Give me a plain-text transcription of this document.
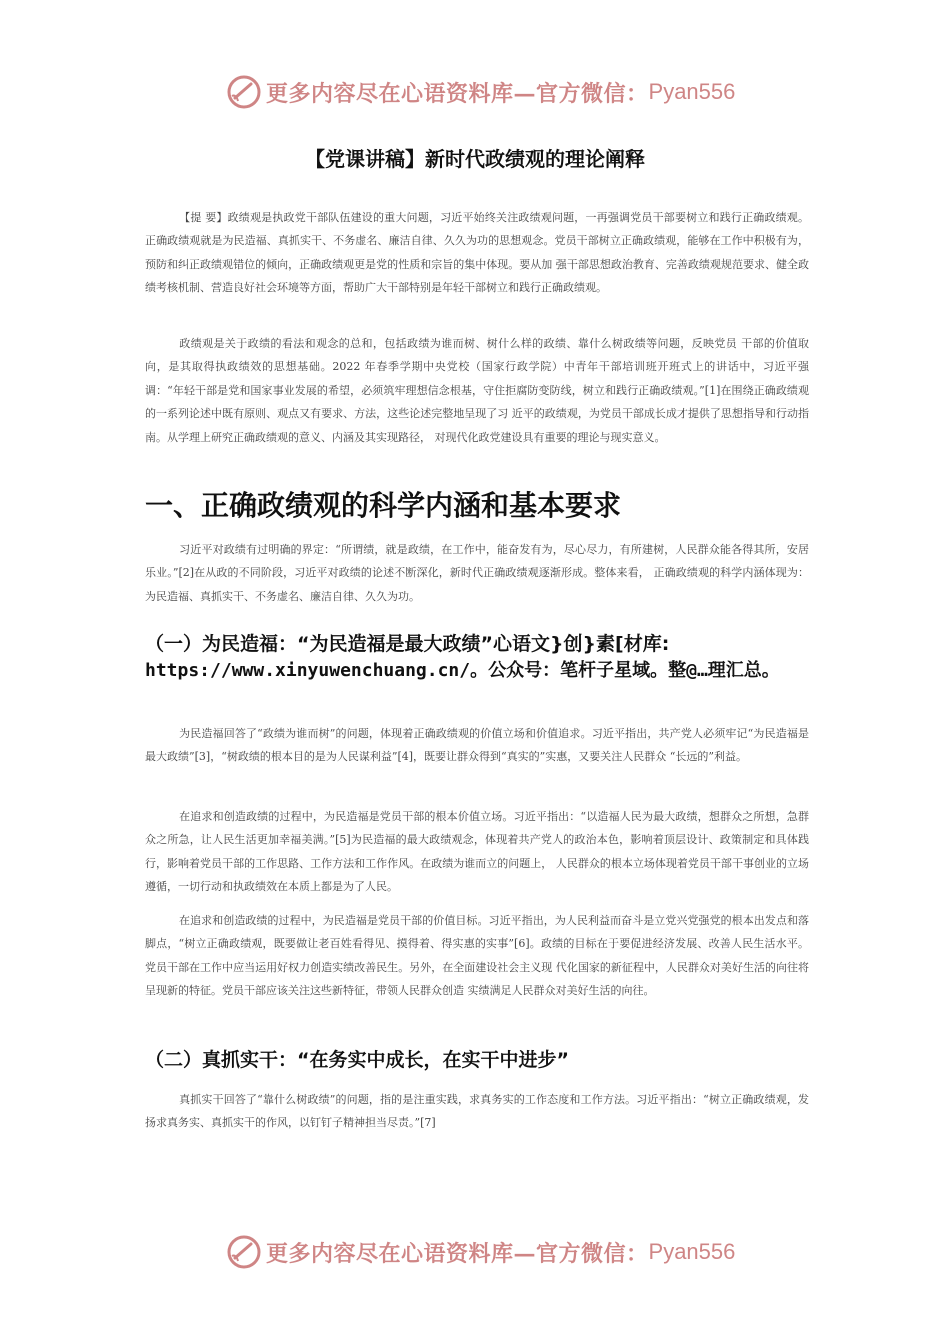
更多内容尽在心语资料库—官方微信： Pyan556
【党课讲稿】新时代政绩观的理论阐释

【提 要】政绩观是执政党干部队伍建设的重大问题，习近平始终关注政绩观问题，一再强调党员干部要树立和践行正确政绩观。正确政绩观就是为民造福、真抓实干、不务虚名、廉洁自律、久久为功的思想观念。党员干部树立正确政绩观，能够在工作中积极有为，预防和纠正政绩观错位的倾向，正确政绩观更是党的性质和宗旨的集中体现。要从加 强干部思想政治教育、完善政绩观规范要求、健全政绩考核机制、营造良好社会环境等方面，帮助广大干部特别是年轻干部树立和践行正确政绩观。

政绩观是关于政绩的看法和观念的总和，包括政绩为谁而树、树什么样的政绩、靠什么树政绩等问题，反映党员 干部的价值取向，是其取得执政绩效的思想基础。2022 年春季学期中央党校（国家行政学院）中青年干部培训班开班式上的讲话中，习近平强调：“年轻干部是党和国家事业发展的希望，必须筑牢理想信念根基，守住拒腐防变防线，树立和践行正确政绩观。”[1]在围绕正确政绩观的一系列论述中既有原则、观点又有要求、方法，这些论述完整地呈现了习 近平的政绩观，为党员干部成长成才提供了思想指导和行动指南。从学理上研究正确政绩观的意义、内涵及其实现路径， 对现代化政党建设具有重要的理论与现实意义。

一、正确政绩观的科学内涵和基本要求

习近平对政绩有过明确的界定：“所谓绩，就是政绩，在工作中，能奋发有为，尽心尽力，有所建树，人民群众能各得其所，安居乐业。”[2]在从政的不同阶段，习近平对政绩的论述不断深化，新时代正确政绩观逐渐形成。整体来看， 正确政绩观的科学内涵体现为：为民造福、真抓实干、不务虚名、廉洁自律、久久为功。

（一）为民造福：“为民造福是最大政绩”心语文}创}素[材库:
https://www.xinyuwenchuang.cn/。公众号：笔杆子星域。整@…理汇总。

为民造福回答了“政绩为谁而树”的问题，体现着正确政绩观的价值立场和价值追求。习近平指出，共产党人必须牢记“为民造福是最大政绩”[3]，“树政绩的根本目的是为人民谋利益”[4]，既要让群众得到“真实的”实惠，又要关注人民群众 “长远的”利益。

在追求和创造政绩的过程中，为民造福是党员干部的根本价值立场。习近平指出：“以造福人民为最大政绩，想群众之所想，急群众之所急，让人民生活更加幸福美满。”[5]为民造福的最大政绩观念，体现着共产党人的政治本色，影响着顶层设计、政策制定和具体践行，影响着党员干部的工作思路、工作方法和工作作风。在政绩为谁而立的问题上， 人民群众的根本立场体现着党员干部干事创业的立场遵循，一切行动和执政绩效在本质上都是为了人民。

在追求和创造政绩的过程中，为民造福是党员干部的价值目标。习近平指出，为人民利益而奋斗是立党兴党强党的根本出发点和落脚点，“树立正确政绩观，既要做让老百姓看得见、摸得着、得实惠的实事”[6]。政绩的目标在于要促进经济发展、改善人民生活水平。党员干部在工作中应当运用好权力创造实绩改善民生。另外，在全面建设社会主义现 代化国家的新征程中，人民群众对美好生活的向往将呈现新的特征。党员干部应该关注这些新特征，带领人民群众创造 实绩满足人民群众对美好生活的向往。

（二）真抓实干：“在务实中成长，在实干中进步”

真抓实干回答了“靠什么树政绩”的问题，指的是注重实践，求真务实的工作态度和工作方法。习近平指出：“树立正确政绩观，发扬求真务实、真抓实干的作风，以钉钉子精神担当尽责。”[7]

更多内容尽在心语资料库—官方微信： Pyan556
